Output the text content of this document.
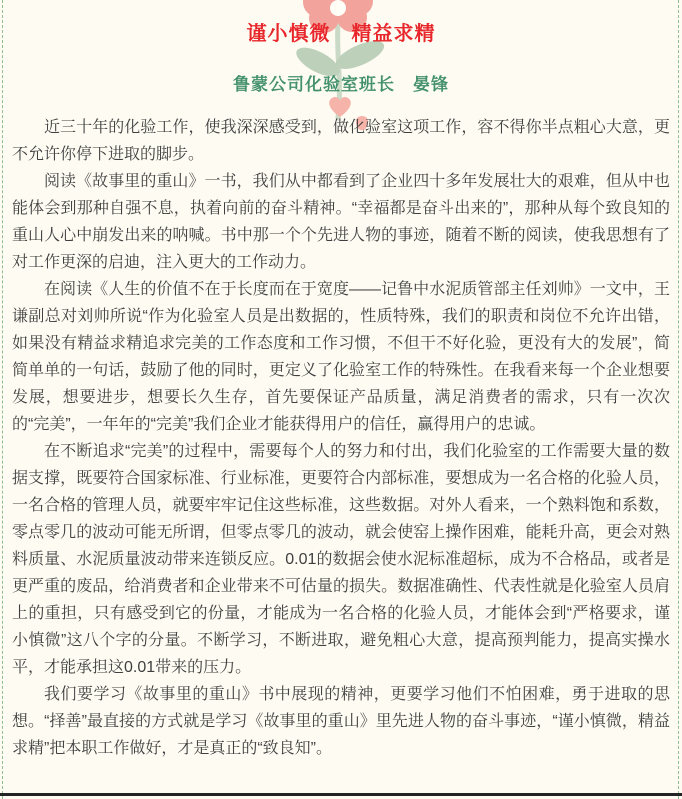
谨小慎微　精益求精
鲁蒙公司化验室班长　晏锋

近三十年的化验工作，使我深深感受到，做化验室这项工作，容不得你半点粗心大意，更不允许你停下进取的脚步。

阅读《故事里的重山》一书，我们从中都看到了企业四十多年发展壮大的艰难，但从中也能体会到那种自强不息，执着向前的奋斗精神。“幸福都是奋斗出来的”，那种从每个致良知的重山人心中崩发出来的呐喊。书中那一个个先进人物的事迹，随着不断的阅读，使我思想有了对工作更深的启迪，注入更大的工作动力。

在阅读《人生的价值不在于长度而在于宽度——记鲁中水泥质管部主任刘帅》一文中，王谦副总对刘帅所说“作为化验室人员是出数据的，性质特殊，我们的职责和岗位不允许出错，如果没有精益求精追求完美的工作态度和工作习惯，不但干不好化验，更没有大的发展”，简简单单的一句话，鼓励了他的同时，更定义了化验室工作的特殊性。在我看来每一个企业想要发展，想要进步，想要长久生存，首先要保证产品质量，满足消费者的需求，只有一次次的“完美”，一年年的“完美”我们企业才能获得用户的信任，赢得用户的忠诚。

在不断追求“完美”的过程中，需要每个人的努力和付出，我们化验室的工作需要大量的数据支撑，既要符合国家标准、行业标准，更要符合内部标准，要想成为一名合格的化验人员，一名合格的管理人员，就要牢牢记住这些标准，这些数据。对外人看来，一个熟料饱和系数，零点零几的波动可能无所谓，但零点零几的波动，就会使窑上操作困难，能耗升高，更会对熟料质量、水泥质量波动带来连锁反应。0.01的数据会使水泥标准超标，成为不合格品，或者是更严重的废品，给消费者和企业带来不可估量的损失。数据准确性、代表性就是化验室人员肩上的重担，只有感受到它的份量，才能成为一名合格的化验人员，才能体会到“严格要求，谨小慎微”这八个字的分量。不断学习，不断进取，避免粗心大意，提高预判能力，提高实操水平，才能承担这0.01带来的压力。

我们要学习《故事里的重山》书中展现的精神，更要学习他们不怕困难，勇于进取的思想。“择善”最直接的方式就是学习《故事里的重山》里先进人物的奋斗事迹，“谨小慎微，精益求精”把本职工作做好，才是真正的“致良知”。
